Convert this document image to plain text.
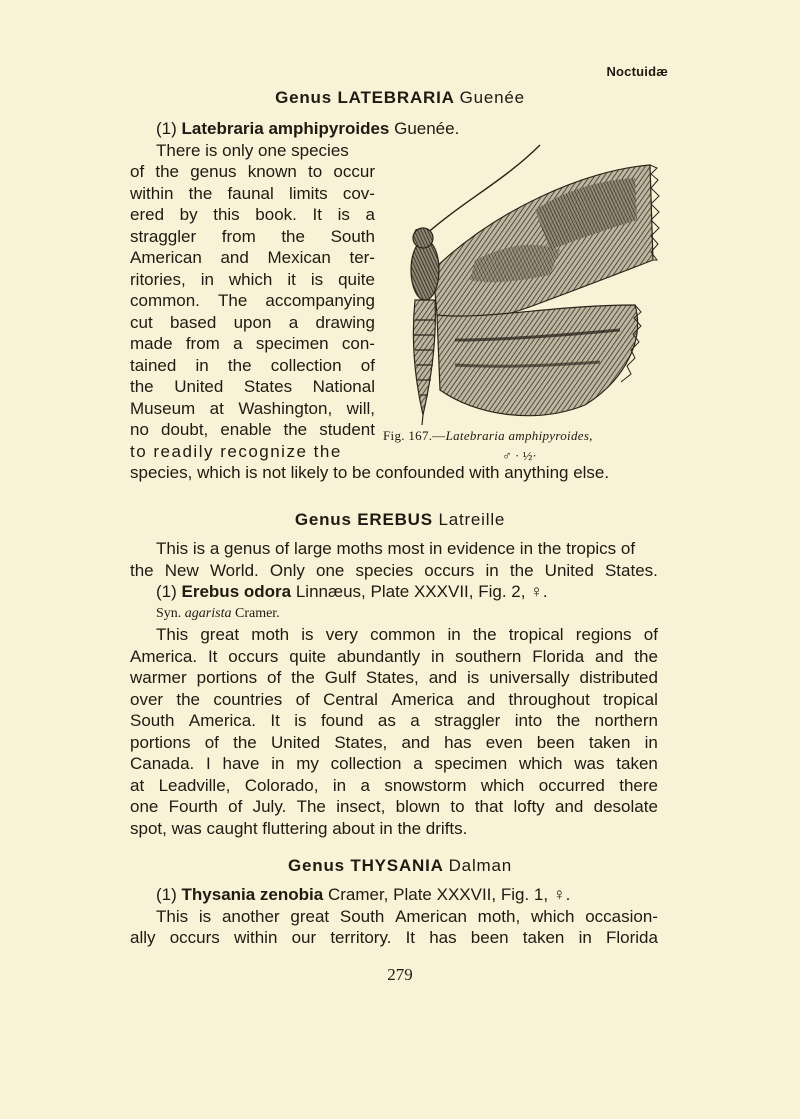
Noctuidæ
Genus LATEBRARIA Guenée
(1) Latebraria amphipyroides Guenée.
There is only one species
of the genus known to occur
within the faunal limits cov-
ered by this book. It is a
straggler from the South
American and Mexican ter-
ritories, in which it is quite
common. The accompanying
cut based upon a drawing
made from a specimen con-
tained in the collection of
the United States National
Museum at Washington, will,
no doubt, enable the student
to readily recognize the
species, which is not likely to be confounded with anything else.
Fig. 167.—Latebraria amphipyroides,
♂ · ½·
Genus EREBUS Latreille
This is a genus of large moths most in evidence in the tropics of
the New World. Only one species occurs in the United States.
(1) Erebus odora Linnæus, Plate XXXVII, Fig. 2, ♀.
Syn. agarista Cramer.
This great moth is very common in the tropical regions of
America. It occurs quite abundantly in southern Florida and the
warmer portions of the Gulf States, and is universally distributed
over the countries of Central America and throughout tropical
South America. It is found as a straggler into the northern
portions of the United States, and has even been taken in
Canada. I have in my collection a specimen which was taken
at Leadville, Colorado, in a snowstorm which occurred there
one Fourth of July. The insect, blown to that lofty and desolate
spot, was caught fluttering about in the drifts.
Genus THYSANIA Dalman
(1) Thysania zenobia Cramer, Plate XXXVII, Fig. 1, ♀.
This is another great South American moth, which occasion-
ally occurs within our territory. It has been taken in Florida
279
